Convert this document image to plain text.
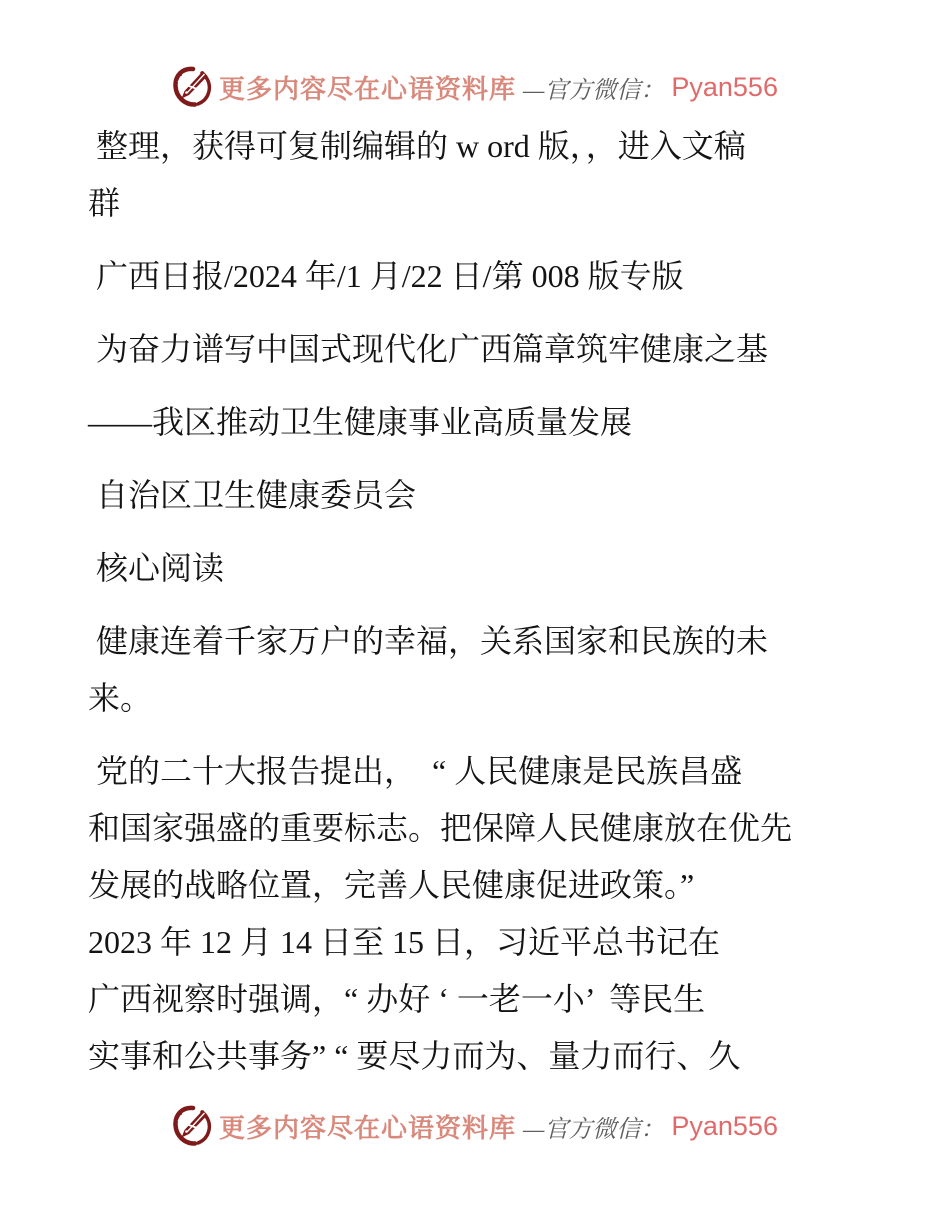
更多内容尽在心语资料库 —官方微信： Pyan556
整理，获得可复制编辑的 w ord 版，，进入文稿
群
广西日报/2024 年/1 月/22 日/第 008 版专版
为奋力谱写中国式现代化广西篇章筑牢健康之基
——我区推动卫生健康事业高质量发展
自治区卫生健康委员会
核心阅读
健康连着千家万户的幸福，关系国家和民族的未
来。
党的二十大报告提出，  “ 人民健康是民族昌盛
和国家强盛的重要标志。把保障人民健康放在优先
发展的战略位置，完善人民健康促进政策。”
2023 年 12 月 14 日至 15 日，习近平总书记在
广西视察时强调，“ 办好 ‘ 一老一小’  等民生
实事和公共事务” “ 要尽力而为、量力而行、久
更多内容尽在心语资料库 —官方微信： Pyan556
